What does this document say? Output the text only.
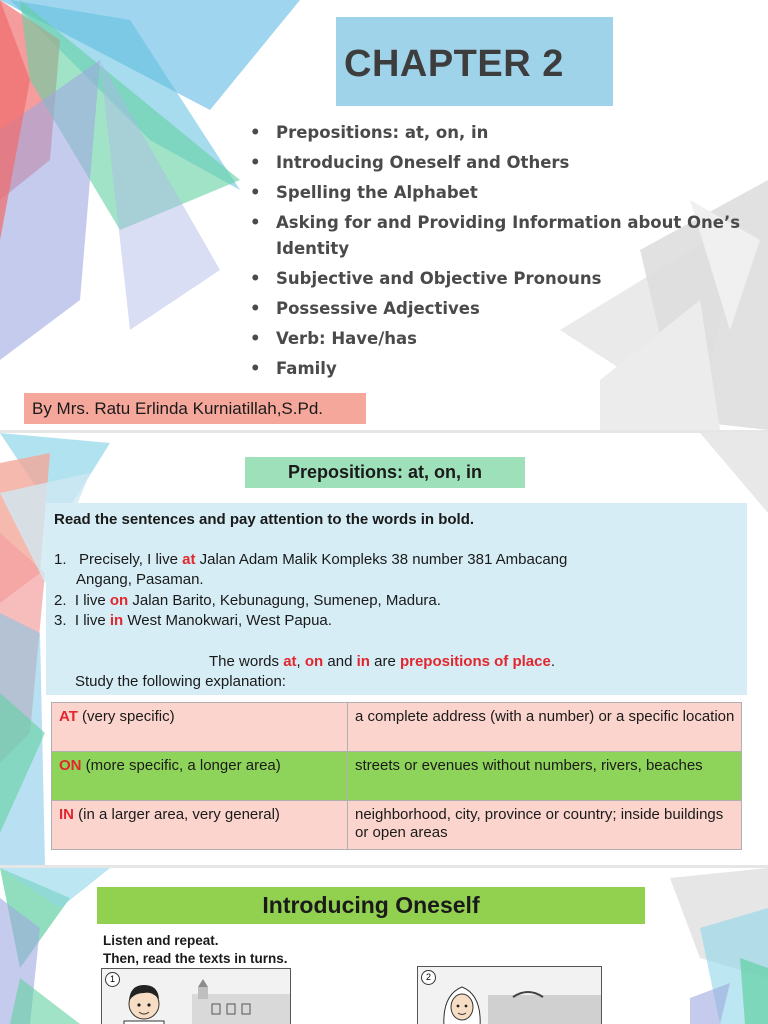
CHAPTER 2
• Prepositions: at, on, in
• Introducing Oneself and Others
• Spelling the Alphabet
• Asking for and Providing Information about One’s Identity
• Subjective and Objective Pronouns
• Possessive Adjectives
• Verb: Have/has
• Family
By Mrs. Ratu Erlinda Kurniatillah,S.Pd.
Prepositions: at, on, in
Read the sentences and pay attention to the words in bold.
1. Precisely, I live at Jalan Adam Malik Kompleks 38 number 381 Ambacang
Angang, Pasaman.
2. I live on Jalan Barito, Kebunagung, Sumenep, Madura.
3. I live in West Manokwari, West Papua.
The words at, on and in are prepositions of place.
Study the following explanation:
AT (very specific)	a complete address (with a number) or a specific location
ON (more specific, a longer area)	streets or evenues without numbers, rivers, beaches
IN (in a larger area, very general)	neighborhood, city, province or country; inside buildings or open areas
Introducing Oneself
Listen and repeat.
Then, read the texts in turns.
1	2
